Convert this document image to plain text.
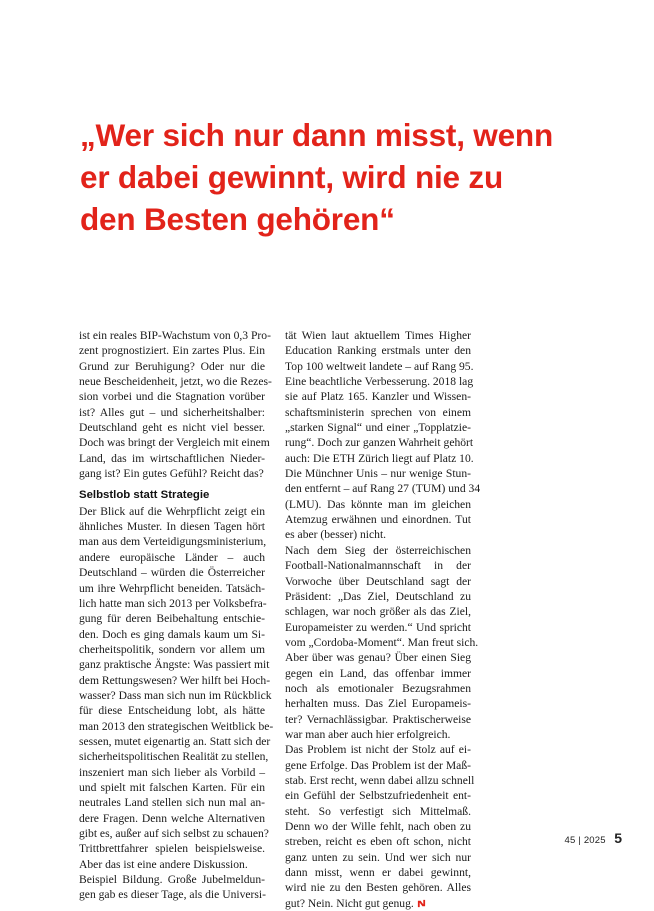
„Wer sich nur dann misst, wenn
er dabei gewinnt, wird nie zu
den Besten gehören“
ist ein reales BIP-Wachstum von 0,3 Pro-
zent prognostiziert. Ein zartes Plus. Ein
Grund zur Beruhigung? Oder nur die
neue Bescheidenheit, jetzt, wo die Rezes-
sion vorbei und die Stagnation vorüber
ist? Alles gut – und sicherheitshalber:
Deutschland geht es nicht viel besser.
Doch was bringt der Vergleich mit einem
Land, das im wirtschaftlichen Nieder-
gang ist? Ein gutes Gefühl? Reicht das?
Selbstlob statt Strategie
Der Blick auf die Wehrpflicht zeigt ein
ähnliches Muster. In diesen Tagen hört
man aus dem Verteidigungsministerium,
andere europäische Länder – auch
Deutschland – würden die Österreicher
um ihre Wehrpflicht beneiden. Tatsäch-
lich hatte man sich 2013 per Volksbefra-
gung für deren Beibehaltung entschie-
den. Doch es ging damals kaum um Si-
cherheitspolitik, sondern vor allem um
ganz praktische Ängste: Was passiert mit
dem Rettungswesen? Wer hilft bei Hoch-
wasser? Dass man sich nun im Rückblick
für diese Entscheidung lobt, als hätte
man 2013 den strategischen Weitblick be-
sessen, mutet eigenartig an. Statt sich der
sicherheitspolitischen Realität zu stellen,
inszeniert man sich lieber als Vorbild –
und spielt mit falschen Karten. Für ein
neutrales Land stellen sich nun mal an-
dere Fragen. Denn welche Alternativen
gibt es, außer auf sich selbst zu schauen?
Trittbrettfahrer spielen beispielsweise.
Aber das ist eine andere Diskussion.
Beispiel Bildung. Große Jubelmeldun-
gen gab es dieser Tage, als die Universi-
tät Wien laut aktuellem Times Higher
Education Ranking erstmals unter den
Top 100 weltweit landete – auf Rang 95.
Eine beachtliche Verbesserung. 2018 lag
sie auf Platz 165. Kanzler und Wissen-
schaftsministerin sprechen von einem
„starken Signal“ und einer „Topplatzie-
rung“. Doch zur ganzen Wahrheit gehört
auch: Die ETH Zürich liegt auf Platz 10.
Die Münchner Unis – nur wenige Stun-
den entfernt – auf Rang 27 (TUM) und 34
(LMU). Das könnte man im gleichen
Atemzug erwähnen und einordnen. Tut
es aber (besser) nicht.
Nach dem Sieg der österreichischen
Football-Nationalmannschaft in der
Vorwoche über Deutschland sagt der
Präsident: „Das Ziel, Deutschland zu
schlagen, war noch größer als das Ziel,
Europameister zu werden.“ Und spricht
vom „Cordoba-Moment“. Man freut sich.
Aber über was genau? Über einen Sieg
gegen ein Land, das offenbar immer
noch als emotionaler Bezugsrahmen
herhalten muss. Das Ziel Europameis-
ter? Vernachlässigbar. Praktischerweise
war man aber auch hier erfolgreich.
Das Problem ist nicht der Stolz auf ei-
gene Erfolge. Das Problem ist der Maß-
stab. Erst recht, wenn dabei allzu schnell
ein Gefühl der Selbstzufriedenheit ent-
steht. So verfestigt sich Mittelmaß.
Denn wo der Wille fehlt, nach oben zu
streben, reicht es eben oft schon, nicht
ganz unten zu sein. Und wer sich nur
dann misst, wenn er dabei gewinnt,
wird nie zu den Besten gehören. Alles
gut? Nein. Nicht gut genug.
45 | 2025 5
